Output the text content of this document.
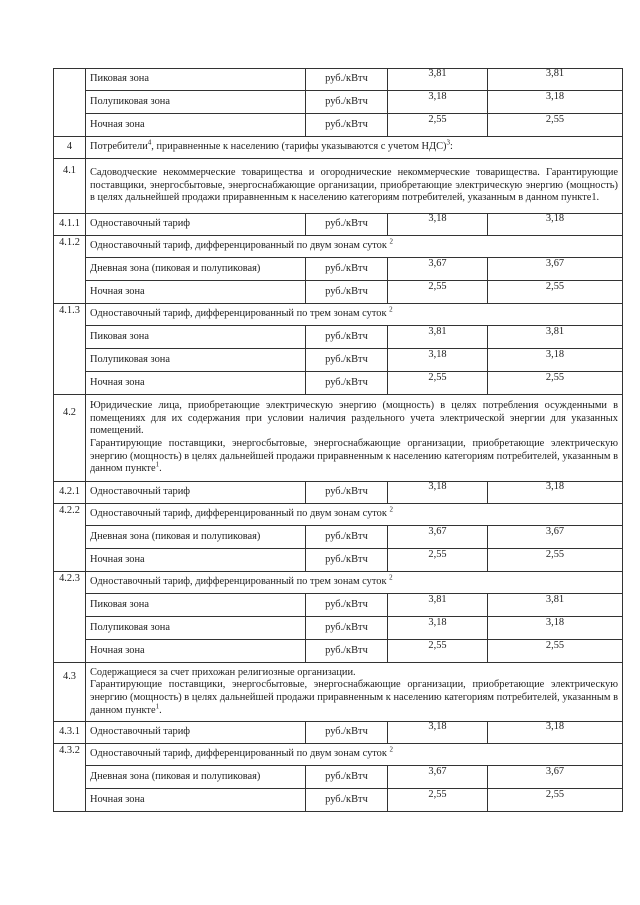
	Пиковая зона	руб./кВтч	3,81	3,81
	Полупиковая зона	руб./кВтч	3,18	3,18
	Ночная зона	руб./кВтч	2,55	2,55
4	Потребители$^4$, приравненные к населению (тарифы указываются с учетом НДС)$^3$:			
4.1	Садоводческие некоммерческие товарищества и огороднические некоммерческие товарищества. Гарантирующие поставщики, энергосбытовые, энергоснабжающие организации, приобретающие электрическую энергию (мощность) в целях дальнейшей продажи приравненным к населению категориям потребителей, указанным в данном пункте1.			
4.1.1	Одноставочный тариф	руб./кВтч	3,18	3,18
4.1.2	Одноставочный тариф, дифференцированный по двум зонам суток $^2$
	Дневная зона (пиковая и полупиковая)	руб./кВтч	3,67	3,67
	Ночная зона	руб./кВтч	2,55	2,55
4.1.3	Одноставочный тариф, дифференцированный по трем зонам суток $^2$
	Пиковая зона	руб./кВтч	3,81	3,81
	Полупиковая зона	руб./кВтч	3,18	3,18
	Ночная зона	руб./кВтч	2,55	2,55
4.2	Юридические лица, приобретающие электрическую энергию (мощность) в целях потребления осужденными в помещениях для их содержания при условии наличия раздельного учета электрической энергии для указанных помещений.
Гарантирующие поставщики, энергосбытовые, энергоснабжающие организации, приобретающие электрическую энергию (мощность) в целях дальнейшей продажи приравненным к населению категориям потребителей, указанным в данном пункте$^1$.			
4.2.1	Одноставочный тариф	руб./кВтч	3,18	3,18
4.2.2	Одноставочный тариф, дифференцированный по двум зонам суток $^2$
	Дневная зона (пиковая и полупиковая)	руб./кВтч	3,67	3,67
	Ночная зона	руб./кВтч	2,55	2,55
4.2.3	Одноставочный тариф, дифференцированный по трем зонам суток $^2$
	Пиковая зона	руб./кВтч	3,81	3,81
	Полупиковая зона	руб./кВтч	3,18	3,18
	Ночная зона	руб./кВтч	2,55	2,55
4.3	Содержащиеся за счет прихожан религиозные организации.
Гарантирующие поставщики, энергосбытовые, энергоснабжающие организации, приобретающие электрическую энергию (мощность) в целях дальнейшей продажи приравненным к населению категориям потребителей, указанным в данном пункте$^1$.			
4.3.1	Одноставочный тариф	руб./кВтч	3,18	3,18
4.3.2	Одноставочный тариф, дифференцированный по двум зонам суток $^2$
	Дневная зона (пиковая и полупиковая)	руб./кВтч	3,67	3,67
	Ночная зона	руб./кВтч	2,55	2,55
